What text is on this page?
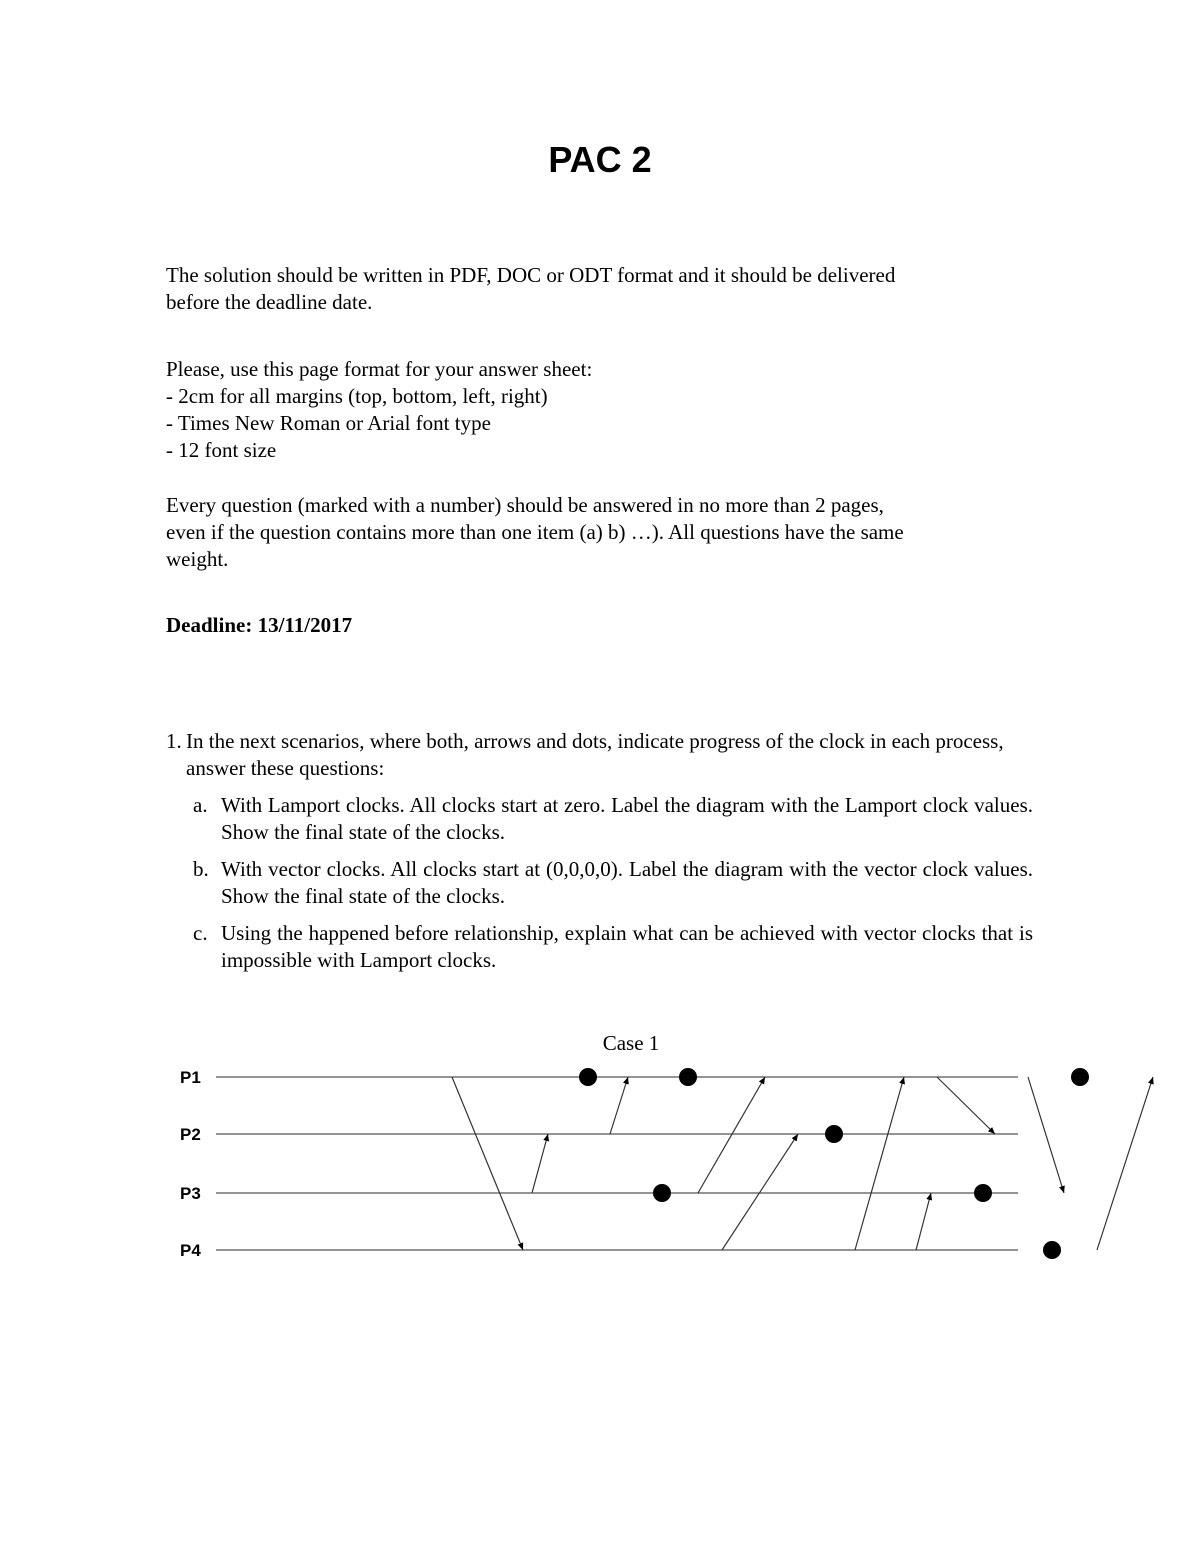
PAC 2
The solution should be written in PDF, DOC or ODT format and it should be delivered
before the deadline date.
Please, use this page format for your answer sheet:
- 2cm for all margins (top, bottom, left, right)
- Times New Roman or Arial font type
- 12 font size
Every question (marked with a number) should be answered in no more than 2 pages,
even if the question contains more than one item (a) b) …). All questions have the same
weight.
Deadline: 13/11/2017
1. In the next scenarios, where both, arrows and dots, indicate progress of the clock in each process, answer these questions:
a. With Lamport clocks. All clocks start at zero. Label the diagram with the Lamport clock values. Show the final state of the clocks.
b. With vector clocks. All clocks start at (0,0,0,0). Label the diagram with the vector clock values. Show the final state of the clocks.
c. Using the happened before relationship, explain what can be achieved with vector clocks that is impossible with Lamport clocks.
Case 1
P1
P2
P3
P4
